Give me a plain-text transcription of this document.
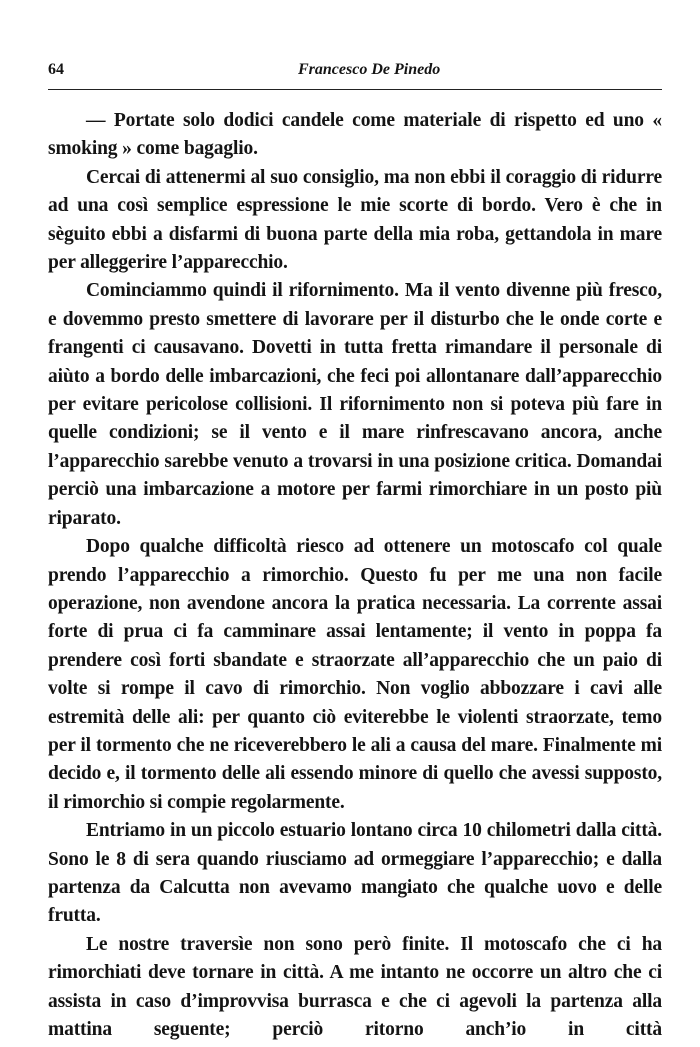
64	Francesco De Pinedo

— Portate solo dodici candele come materiale di rispetto ed uno « smoking » come bagaglio.

Cercai di attenermi al suo consiglio, ma non ebbi il coraggio di ridurre ad una così semplice espressione le mie scorte di bordo. Vero è che in sèguito ebbi a disfarmi di buona parte della mia roba, gettandola in mare per alleggerire l’apparecchio.

Cominciammo quindi il rifornimento. Ma il vento divenne più fresco, e dovemmo presto smettere di lavorare per il disturbo che le onde corte e frangenti ci causavano. Dovetti in tutta fretta rimandare il personale di aiùto a bordo delle imbarcazioni, che feci poi allontanare dall’apparecchio per evitare pericolose collisioni. Il rifornimento non si poteva più fare in quelle condizioni; se il vento e il mare rinfrescavano ancora, anche l’apparecchio sarebbe venuto a trovarsi in una posizione critica. Domandai perciò una imbarcazione a motore per farmi rimorchiare in un posto più riparato.

Dopo qualche difficoltà riesco ad ottenere un motoscafo col quale prendo l’apparecchio a rimorchio. Questo fu per me una non facile operazione, non avendone ancora la pratica necessaria. La corrente assai forte di prua ci fa camminare assai lentamente; il vento in poppa fa prendere così forti sbandate e straorzate all’apparecchio che un paio di volte si rompe il cavo di rimorchio. Non voglio abbozzare i cavi alle estremità delle ali: per quanto ciò eviterebbe le violenti straorzate, temo per il tormento che ne riceverebbero le ali a causa del mare. Finalmente mi decido e, il tormento delle ali essendo minore di quello che avessi supposto, il rimorchio si compie regolarmente.

Entriamo in un piccolo estuario lontano circa 10 chilometri dalla città. Sono le 8 di sera quando riusciamo ad ormeggiare l’apparecchio; e dalla partenza da Calcutta non avevamo mangiato che qualche uovo e delle frutta.

Le nostre traversìe non sono però finite. Il motoscafo che ci ha rimorchiati deve tornare in città. A me intanto ne occorre un altro che ci assista in caso d’improvvisa burrasca e che ci agevoli la partenza alla mattina seguente; perciò ritorno anch’io in città
